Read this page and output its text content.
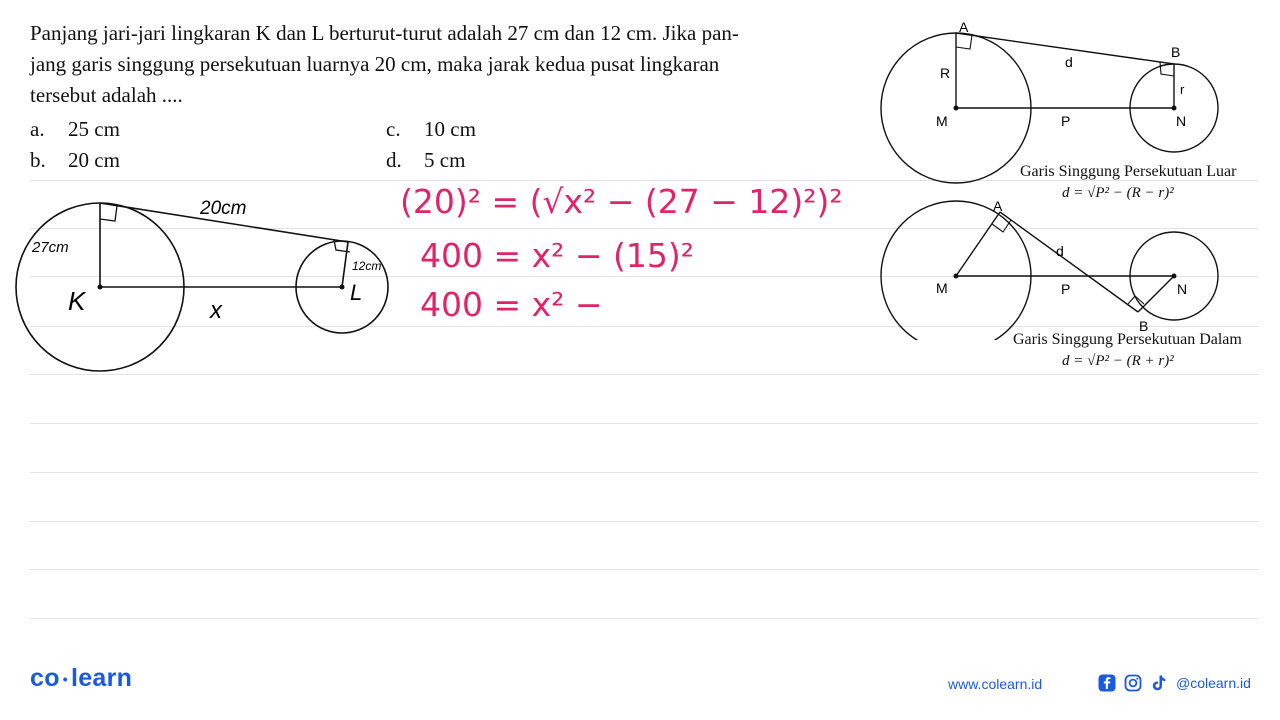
Panjang jari-jari lingkaran K dan L berturut-turut adalah 27 cm dan 12 cm. Jika pan-
jang garis singgung persekutuan luarnya 20 cm, maka jarak kedua pusat lingkaran
tersebut adalah ....
a. 25 cm
b. 20 cm
c. 10 cm
d. 5 cm
20cm
27cm
12cm
K	L
x
(20)² = (√x² − (27 − 12)²)²
400 = x² − (15)²
400 = x² −
A
B
R
d
r
M	P	N
Garis Singgung Persekutuan Luar
d = √P² − (R − r)²
A
d
M	P	N
B
Garis Singgung Persekutuan Dalam
d = √P² − (R + r)²
co • learn	www.colearn.id	@colearn.id
